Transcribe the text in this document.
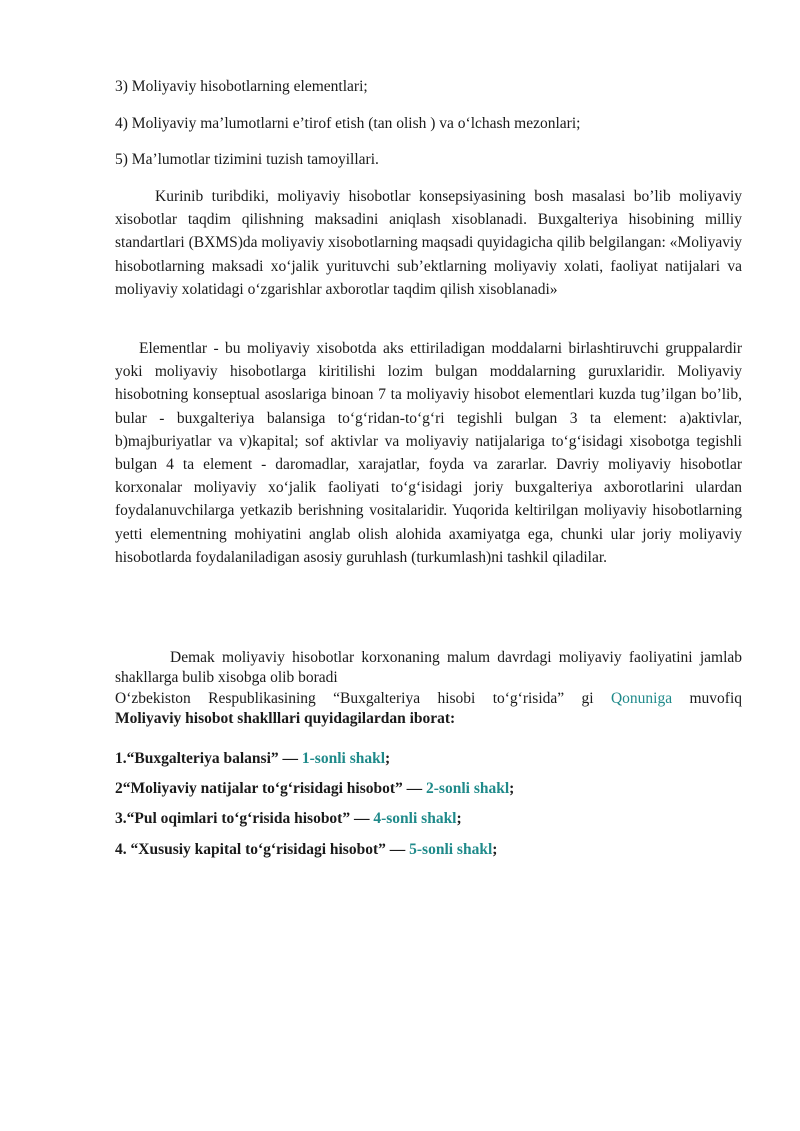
3) Moliyaviy hisobotlarning elementlari;

4) Moliyaviy ma’lumotlarni e’tirof etish (tan olish ) va o‘lchash mezonlari;

5) Ma’lumotlar tizimini tuzish tamoyillari.

Kurinib turibdiki, moliyaviy hisobotlar konsepsiyasining bosh masalasi bo’lib moliyaviy xisobotlar taqdim qilishning maksadini aniqlash xisoblanadi. Buxgalteriya hisobining milliy standartlari (BXMS)da moliyaviy xisobotlarning maqsadi quyidagicha qilib belgilangan: «Moliyaviy hisobotlarning maksadi xo‘jalik yurituvchi sub’ektlarning moliyaviy xolati, faoliyat natijalari va moliyaviy xolatidagi o‘zgarishlar axborotlar taqdim qilish xisoblanadi»

Elementlar - bu moliyaviy xisobotda aks ettiriladigan moddalarni birlashtiruvchi gruppalardir yoki moliyaviy hisobotlarga kiritilishi lozim bulgan moddalarning guruxlaridir. Moliyaviy hisobotning konseptual asoslariga binoan 7 ta moliyaviy hisobot elementlari kuzda tug’ilgan bo’lib, bular - buxgalteriya balansiga to‘g‘ridan-to‘g‘ri tegishli bulgan 3 ta element: a)aktivlar, b)majburiyatlar va v)kapital; sof aktivlar va moliyaviy natijalariga to‘g‘isidagi xisobotga tegishli bulgan 4 ta element - daromadlar, xarajatlar, foyda va zararlar. Davriy moliyaviy hisobotlar korxonalar moliyaviy xo‘jalik faoliyati to‘g‘isidagi joriy buxgalteriya axborotlarini ulardan foydalanuvchilarga yetkazib berishning vositalaridir. Yuqorida keltirilgan moliyaviy hisobotlarning yetti elementning mohiyatini anglab olish alohida axamiyatga ega, chunki ular joriy moliyaviy hisobotlarda foydalaniladigan asosiy guruhlash (turkumlash)ni tashkil qiladilar.

Demak moliyaviy hisobotlar korxonaning malum davrdagi moliyaviy faoliyatini jamlab shakllarga bulib xisobga olib boradi

O‘zbekiston Respublikasining “Buxgalteriya hisobi to‘g‘risida” gi Qonuniga muvofiq

Moliyaviy hisobot shaklllari quyidagilardan iborat:

1.“Buxgalteriya balansi” — 1-sonli shakl;

2“Moliyaviy natijalar to‘g‘risidagi hisobot” — 2-sonli shakl;

3.“Pul oqimlari to‘g‘risida hisobot” — 4-sonli shakl;

4. “Xususiy kapital to‘g‘risidagi hisobot” — 5-sonli shakl;
